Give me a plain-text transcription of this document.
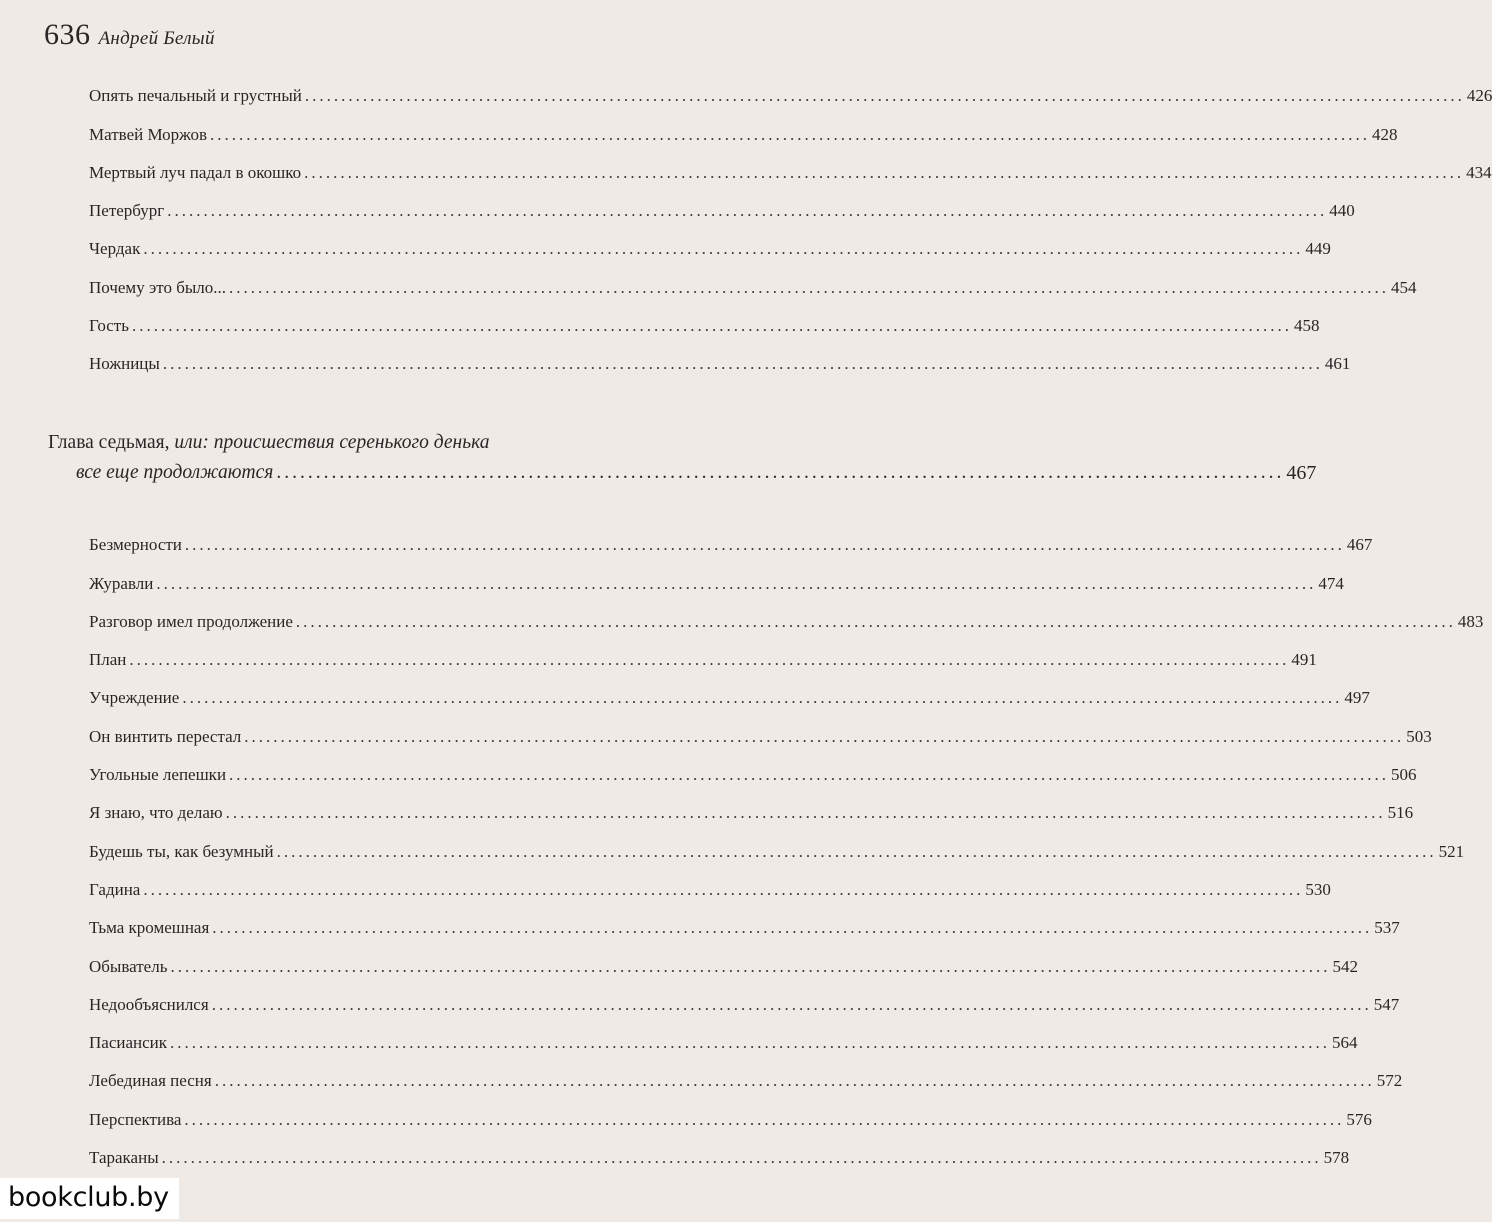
636 Андрей Белый
Опять печальный и грустный ................................................................................................................................................................ 426
Матвей Моржов ................................................................................................................................................................ 428
Мертвый луч падал в окошко ................................................................................................................................................................ 434
Петербург ................................................................................................................................................................ 440
Чердак ................................................................................................................................................................ 449
Почему это было... ................................................................................................................................................................ 454
Гость ................................................................................................................................................................ 458
Ножницы ................................................................................................................................................................ 461
Глава седьмая, или: происшествия серенького денька
все еще продолжаются ................................................................................................................................ 467
Безмерности ................................................................................................................................................................ 467
Журавли ................................................................................................................................................................ 474
Разговор имел продолжение ................................................................................................................................................................ 483
План ................................................................................................................................................................ 491
Учреждение ................................................................................................................................................................ 497
Он винтить перестал ................................................................................................................................................................ 503
Угольные лепешки ................................................................................................................................................................ 506
Я знаю, что делаю ................................................................................................................................................................ 516
Будешь ты, как безумный ................................................................................................................................................................ 521
Гадина ................................................................................................................................................................ 530
Тьма кромешная ................................................................................................................................................................ 537
Обыватель ................................................................................................................................................................ 542
Недообъяснился ................................................................................................................................................................ 547
Пасиансик ................................................................................................................................................................ 564
Лебединая песня ................................................................................................................................................................ 572
Перспектива ................................................................................................................................................................ 576
Тараканы ................................................................................................................................................................ 578
bookclub.by
